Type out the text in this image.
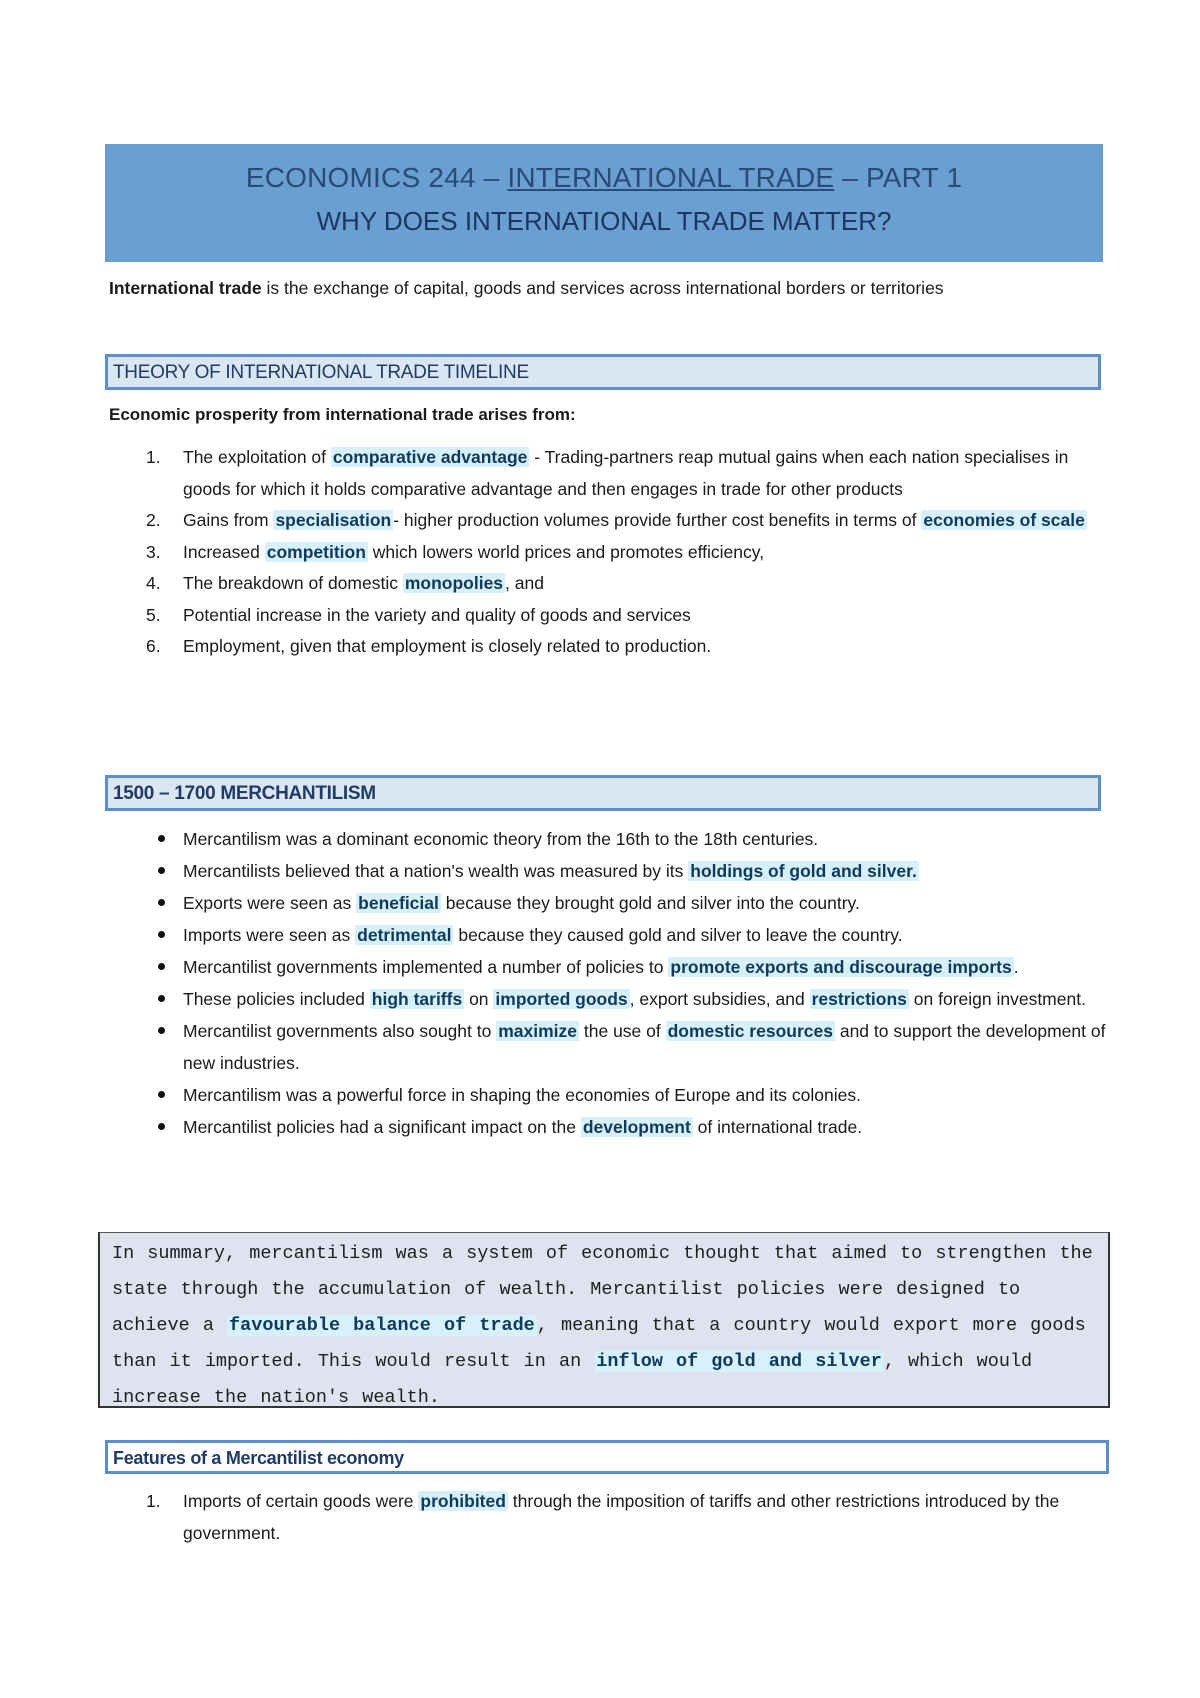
ECONOMICS 244 – INTERNATIONAL TRADE – PART 1
WHY DOES INTERNATIONAL TRADE MATTER?
International trade is the exchange of capital, goods and services across international borders or territories
THEORY OF INTERNATIONAL TRADE TIMELINE
Economic prosperity from international trade arises from:
1.	The exploitation of comparative advantage - Trading-partners reap mutual gains when each nation specialises in goods for which it holds comparative advantage and then engages in trade for other products
2.	Gains from specialisation - higher production volumes provide further cost benefits in terms of economies of scale
3.	Increased competition which lowers world prices and promotes efficiency,
4.	The breakdown of domestic monopolies , and
5.	Potential increase in the variety and quality of goods and services
6.	Employment, given that employment is closely related to production.
1500 – 1700 MERCHANTILISM
Mercantilism was a dominant economic theory from the 16th to the 18th centuries.
Mercantilists believed that a nation's wealth was measured by its holdings of gold and silver.
Exports were seen as beneficial because they brought gold and silver into the country.
Imports were seen as detrimental because they caused gold and silver to leave the country.
Mercantilist governments implemented a number of policies to promote exports and discourage imports .
These policies included high tariffs on imported goods , export subsidies, and restrictions on foreign investment.
Mercantilist governments also sought to maximize the use of domestic resources and to support the development of new industries.
Mercantilism was a powerful force in shaping the economies of Europe and its colonies.
Mercantilist policies had a significant impact on the development of international trade.
In summary, mercantilism was a system of economic thought that aimed to strengthen the state through the accumulation of wealth. Mercantilist policies were designed to achieve a favourable balance of trade , meaning that a country would export more goods than it imported. This would result in an inflow of gold and silver , which would increase the nation's wealth.
Features of a Mercantilist economy
1.	Imports of certain goods were prohibited through the imposition of tariffs and other restrictions introduced by the government.
